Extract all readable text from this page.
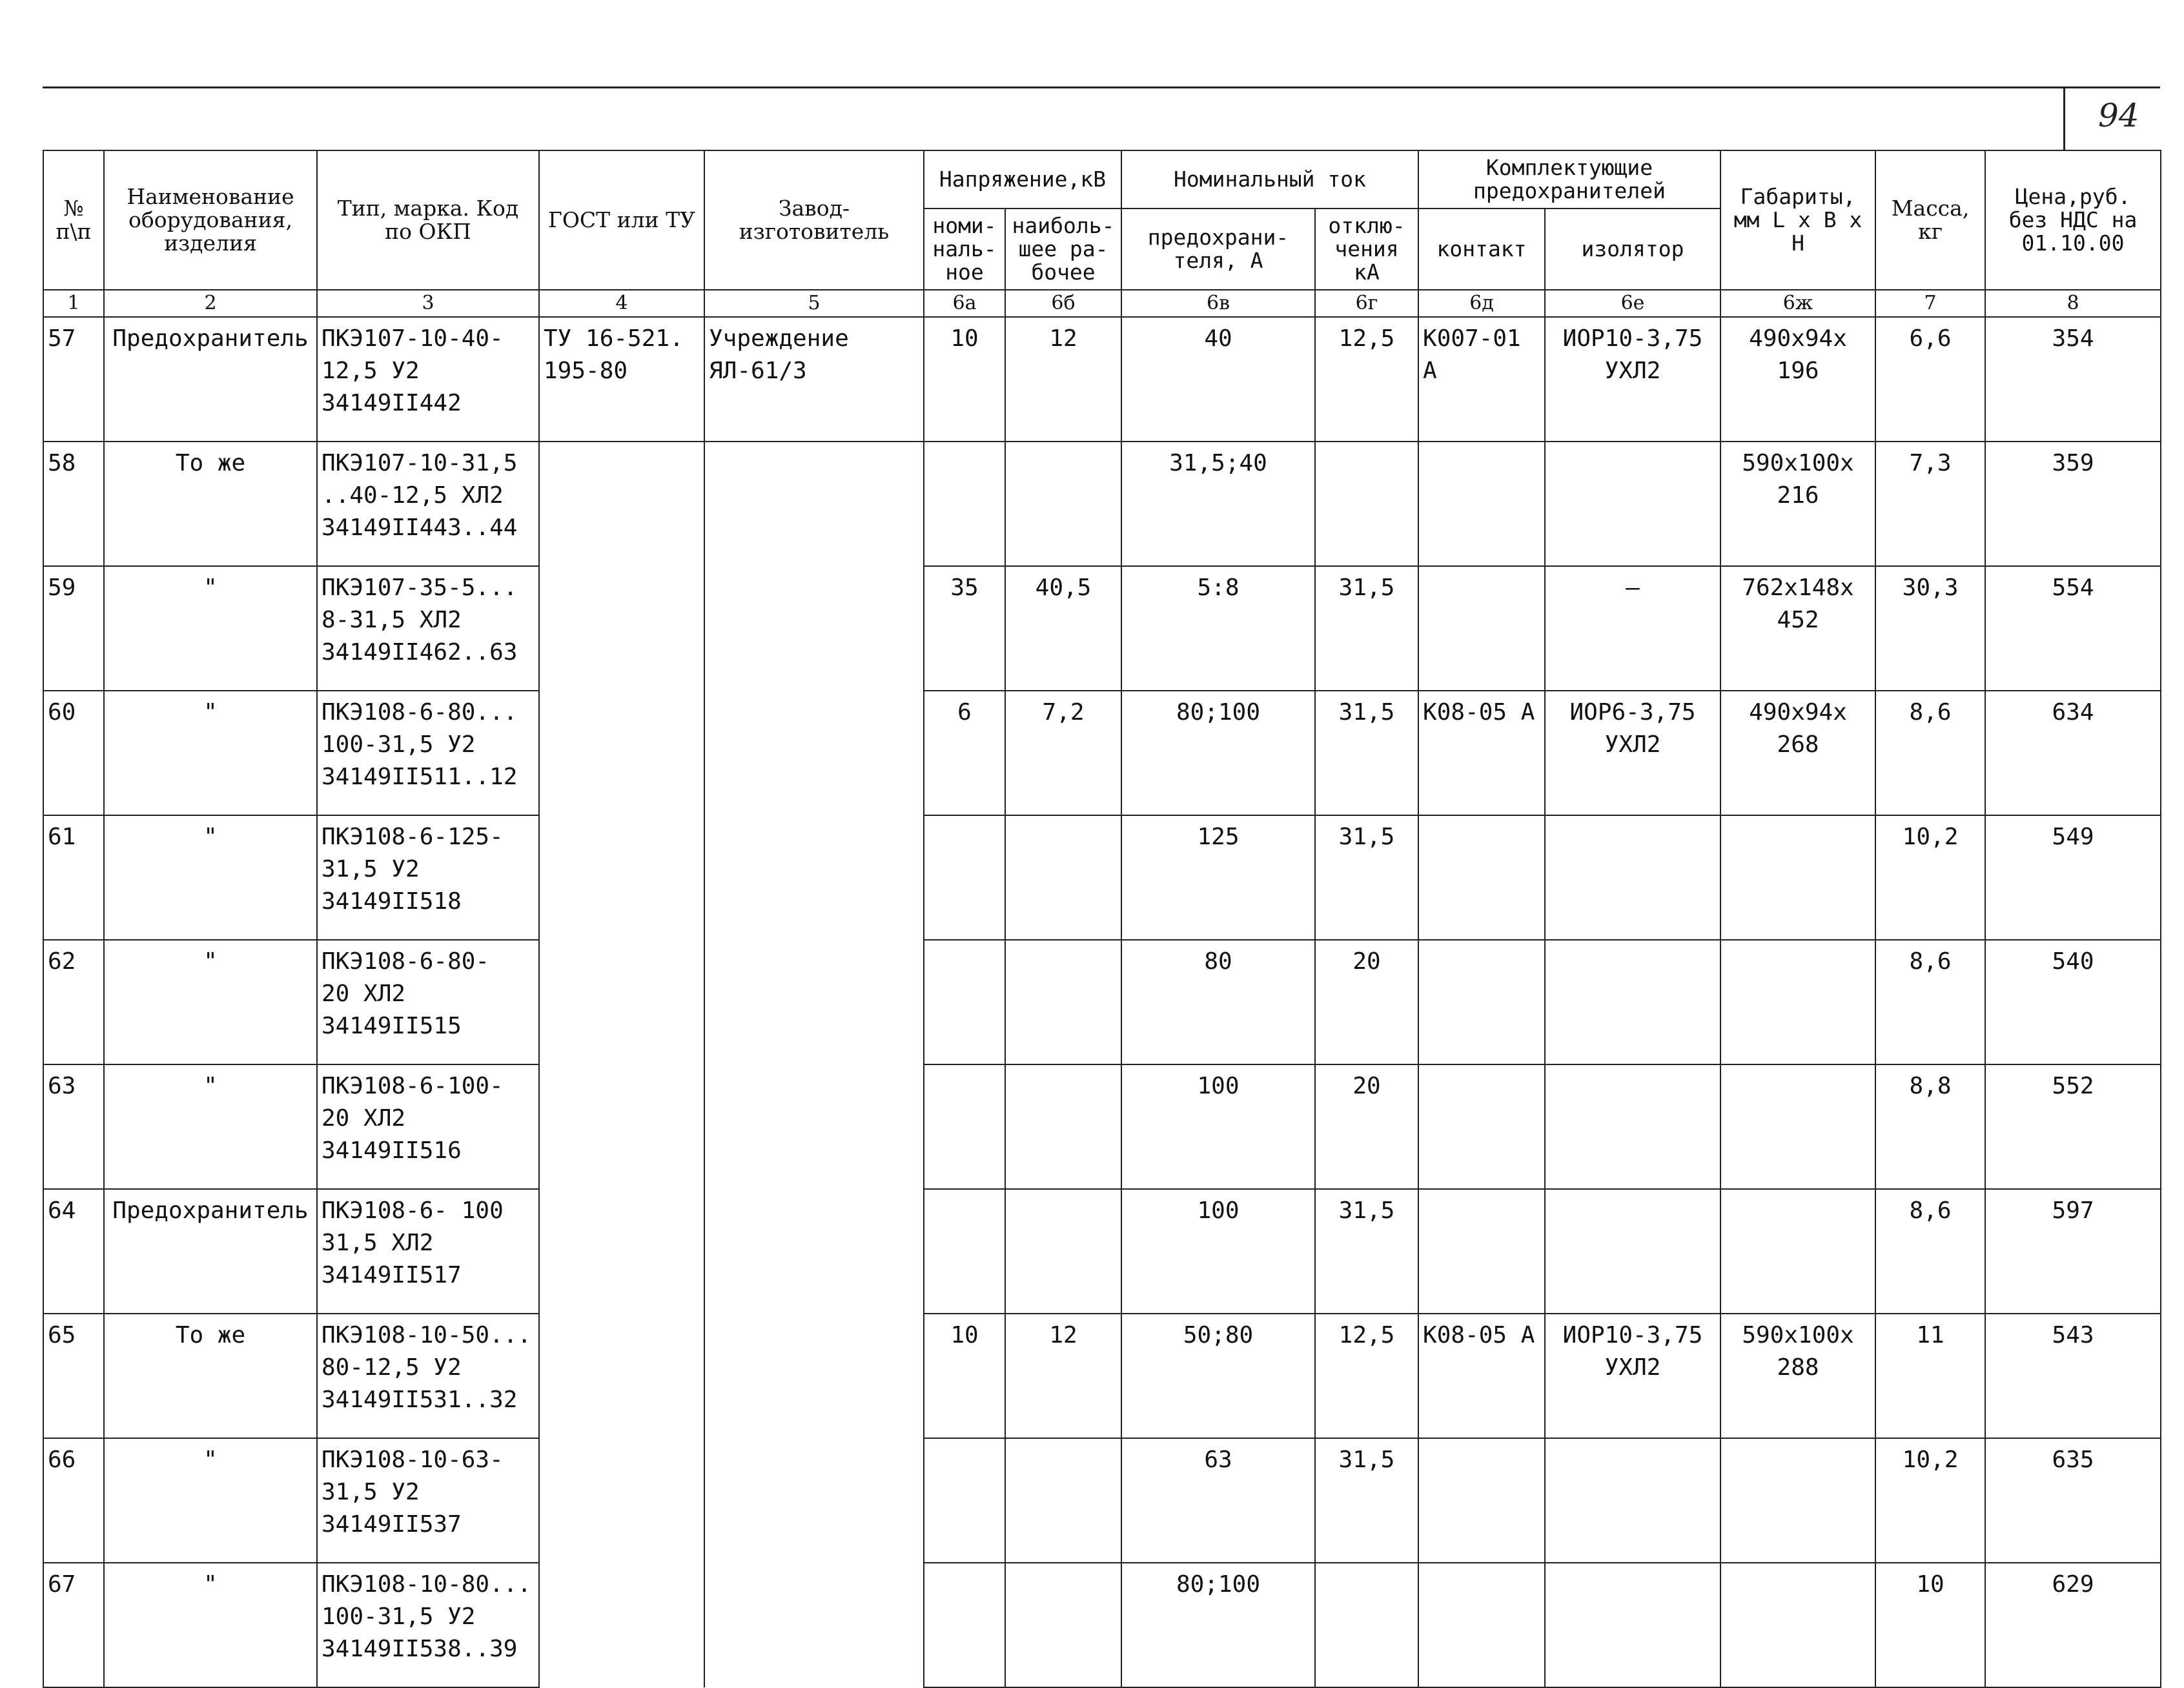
94
№ п\п	Наименование оборудования, изделия	Тип, марка. Код по ОКП	ГОСТ или ТУ	Завод-изготовитель	Напряжение,кВ		Номинальный ток		Комплектующие предохранителей		Габариты, мм L x B x H	Масса, кг	Цена,руб. без НДС на 01.10.00
					номи-наль-ное	наиболь-шее ра-бочее	предохрани-теля, А	отклю-чения кА	контакт	изолятор			
1	2	3	4	5	6а	6б	6в	6г	6д	6е	6ж	7	8
57	Предохранитель	ПКЭ107-10-40-
12,5 У2
34149II442	ТУ 16-521.
195-80	Учреждение
ЯЛ-61/3	10	12	40	12,5	К007-01 А	ИОР10-3,75
УХЛ2	490x94x
196	6,6	354
58	То же	ПКЭ107-10-31,5
..40-12,5 ХЛ2
34149II443..44					31,5;40				590x100x
216	7,3	359
59	"	ПКЭ107-35-5...
8-31,5 ХЛ2
34149II462..63			35	40,5	5:8	31,5		—	762x148x
452	30,3	554
60	"	ПКЭ108-6-80...
100-31,5 У2
34149II511..12			6	7,2	80;100	31,5	К08-05 А	ИОР6-3,75
УХЛ2	490x94x
268	8,6	634
61	"	ПКЭ108-6-125-
31,5 У2
34149II518					125	31,5				10,2	549
62	"	ПКЭ108-6-80-
20 ХЛ2
34149II515					80	20				8,6	540
63	"	ПКЭ108-6-100-
20 ХЛ2
34149II516					100	20				8,8	552
64	Предохранитель	ПКЭ108-6- 100
31,5 ХЛ2
34149II517					100	31,5				8,6	597
65	То же	ПКЭ108-10-50...
80-12,5 У2
34149II531..32			10	12	50;80	12,5	К08-05 А	ИОР10-3,75
УХЛ2	590x100x
288	11	543
66	"	ПКЭ108-10-63-
31,5 У2
34149II537					63	31,5				10,2	635
67	"	ПКЭ108-10-80...
100-31,5 У2
34149II538..39					80;100					10	629
